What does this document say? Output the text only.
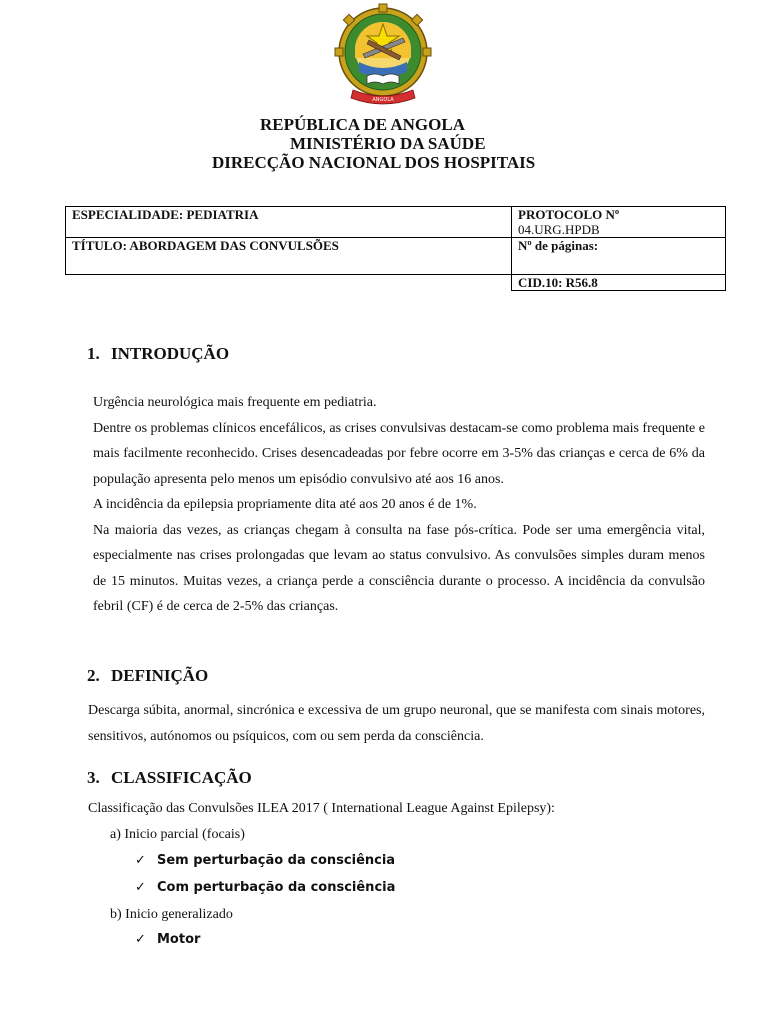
ANGOLA
REPÚBLICA DE ANGOLA
MINISTÉRIO DA SAÚDE
DIRECÇÃO NACIONAL DOS HOSPITAIS
ESPECIALIDADE: PEDIATRIA	PROTOCOLO Nº
04.URG.HPDB

TÍTULO: ABORDAGEM DAS CONVULSÕES	Nº de páginas:
	CID.10: R56.8
1. INTRODUÇÃO

Urgência neurológica mais frequente em pediatria.

Dentre os problemas clínicos encefálicos, as crises convulsivas destacam-se como problema mais frequente e mais facilmente reconhecido. Crises desencadeadas por febre ocorre em 3-5% das crianças e cerca de 6% da população apresenta pelo menos um episódio convulsivo até aos 16 anos.

A incidência da epilepsia propriamente dita até aos 20 anos é de 1%.

Na maioria das vezes, as crianças chegam à consulta na fase pós-crítica. Pode ser uma emergência vital, especialmente nas crises prolongadas que levam ao status convulsivo. As convulsões simples duram menos de 15 minutos. Muitas vezes, a criança perde a consciência durante o processo. A incidência da convulsão febril (CF) é de cerca de 2-5% das crianças.

2. DEFINIÇÃO

Descarga súbita, anormal, sincrónica e excessiva de um grupo neuronal, que se manifesta com sinais motores, sensitivos, autónomos ou psíquicos, com ou sem perda da consciência.

3. CLASSIFICAÇÃO
Classificação das Convulsões ILEA 2017 ( International League Against Epilepsy):
a) Inicio parcial (focais)
✓ Sem perturbação da consciência
✓ Com perturbação da consciência
b) Inicio generalizado
✓ Motor
